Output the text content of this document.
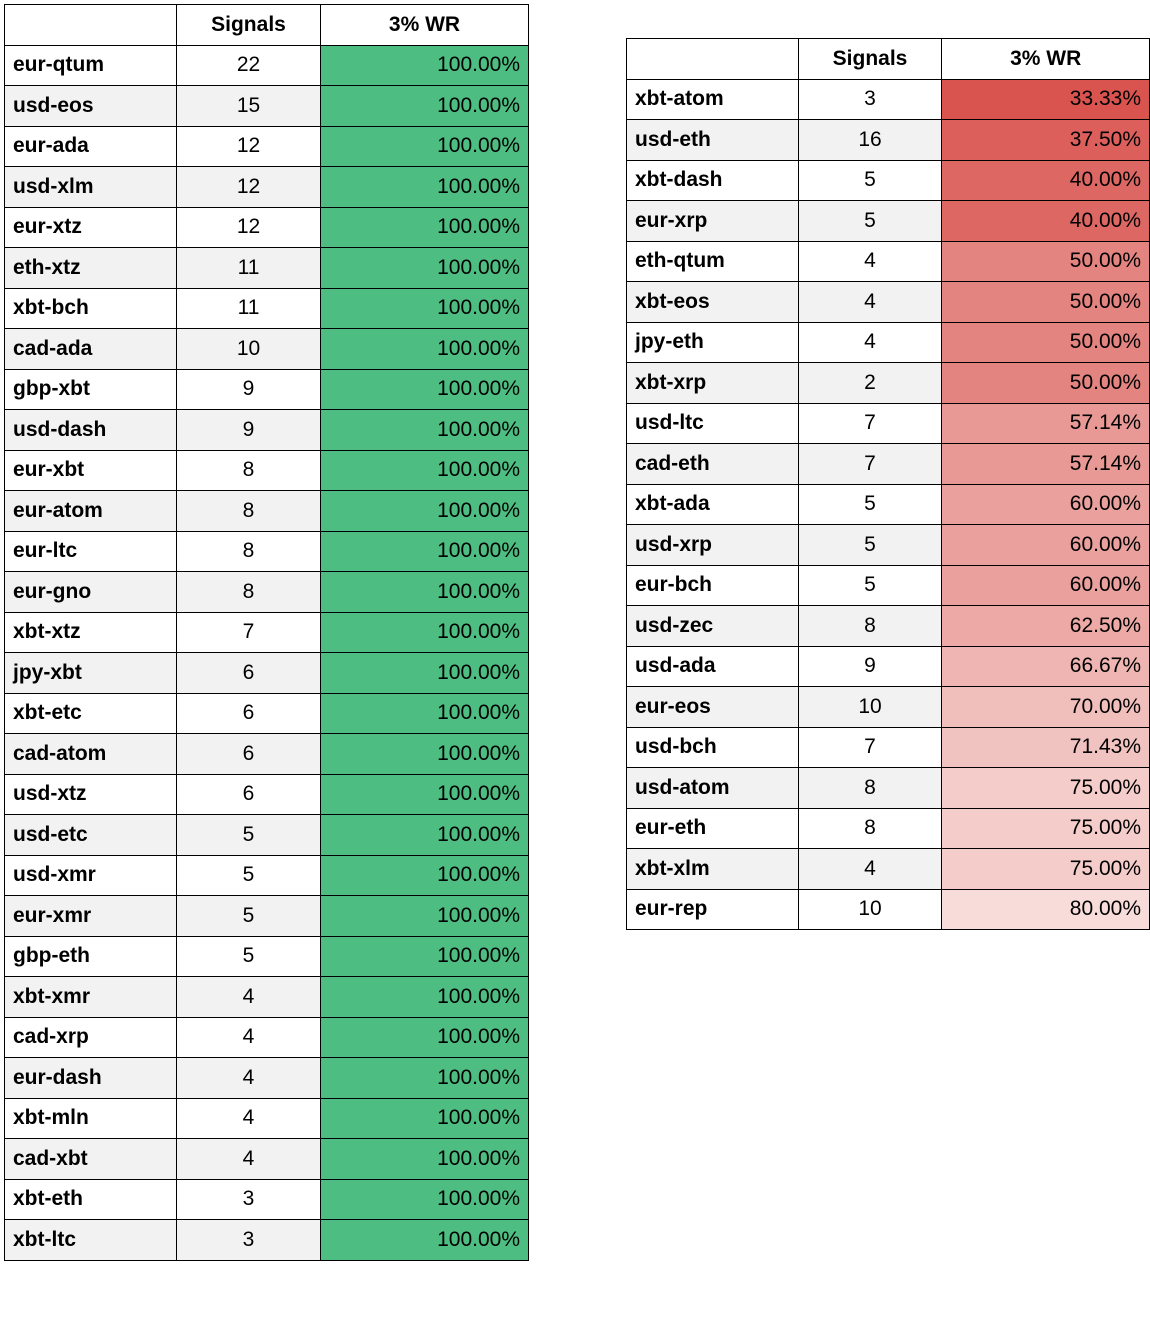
	Signals	3% WR
eur-qtum	22	100.00%
usd-eos	15	100.00%
eur-ada	12	100.00%
usd-xlm	12	100.00%
eur-xtz	12	100.00%
eth-xtz	11	100.00%
xbt-bch	11	100.00%
cad-ada	10	100.00%
gbp-xbt	9	100.00%
usd-dash	9	100.00%
eur-xbt	8	100.00%
eur-atom	8	100.00%
eur-ltc	8	100.00%
eur-gno	8	100.00%
xbt-xtz	7	100.00%
jpy-xbt	6	100.00%
xbt-etc	6	100.00%
cad-atom	6	100.00%
usd-xtz	6	100.00%
usd-etc	5	100.00%
usd-xmr	5	100.00%
eur-xmr	5	100.00%
gbp-eth	5	100.00%
xbt-xmr	4	100.00%
cad-xrp	4	100.00%
eur-dash	4	100.00%
xbt-mln	4	100.00%
cad-xbt	4	100.00%
xbt-eth	3	100.00%
xbt-ltc	3	100.00%
	Signals	3% WR
xbt-atom	3	33.33%
usd-eth	16	37.50%
xbt-dash	5	40.00%
eur-xrp	5	40.00%
eth-qtum	4	50.00%
xbt-eos	4	50.00%
jpy-eth	4	50.00%
xbt-xrp	2	50.00%
usd-ltc	7	57.14%
cad-eth	7	57.14%
xbt-ada	5	60.00%
usd-xrp	5	60.00%
eur-bch	5	60.00%
usd-zec	8	62.50%
usd-ada	9	66.67%
eur-eos	10	70.00%
usd-bch	7	71.43%
usd-atom	8	75.00%
eur-eth	8	75.00%
xbt-xlm	4	75.00%
eur-rep	10	80.00%
